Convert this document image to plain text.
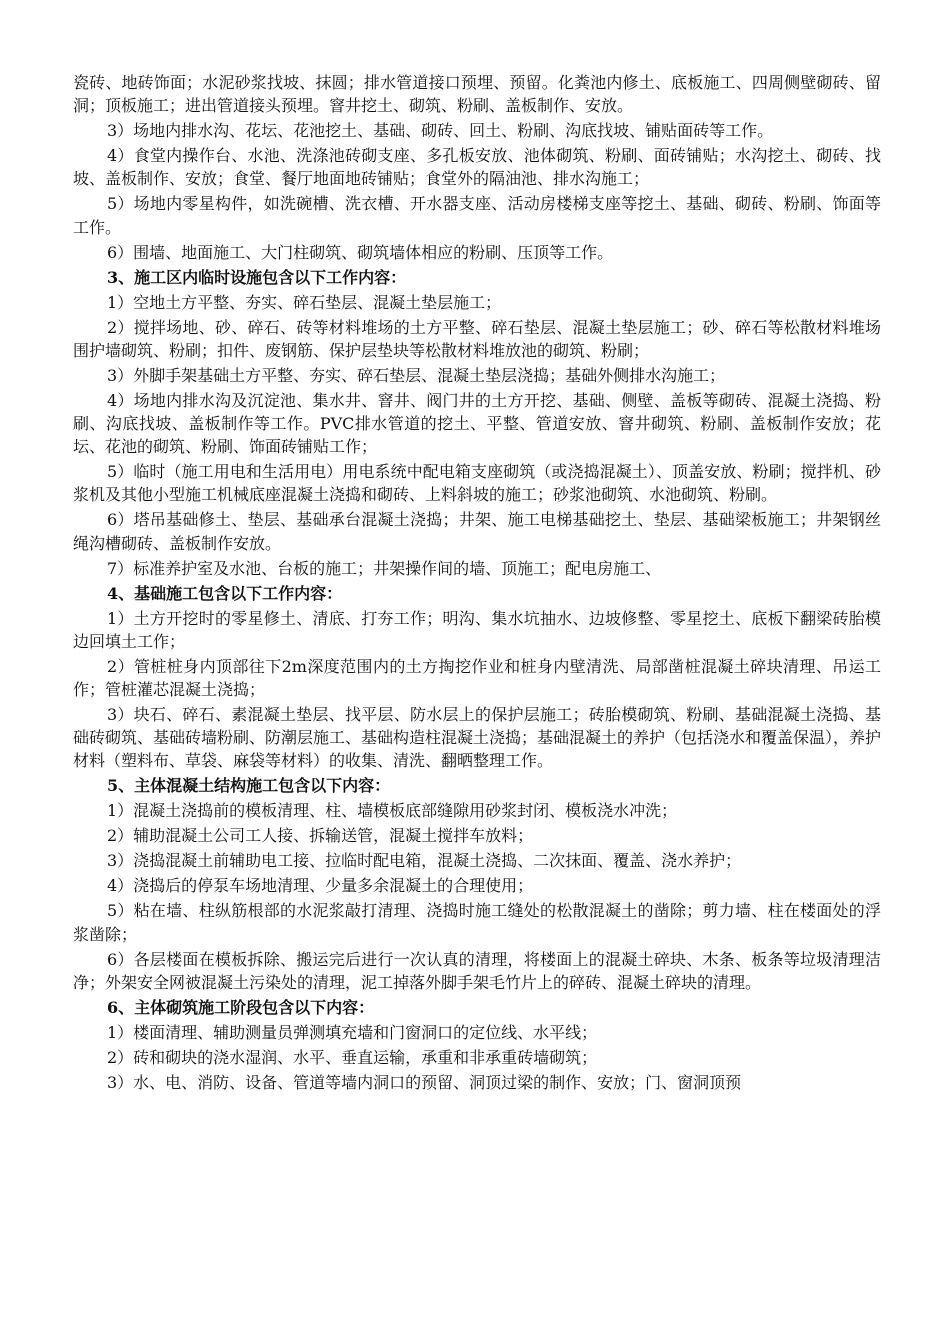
瓷砖、地砖饰面；水泥砂浆找坡、抹圆；排水管道接口预埋、预留。化粪池内修土、底板施工、四周侧壁砌砖、留洞；顶板施工；进出管道接头预埋。窨井挖土、砌筑、粉刷、盖板制作、安放。

3）场地内排水沟、花坛、花池挖土、基础、砌砖、回土、粉刷、沟底找坡、铺贴面砖等工作。

4）食堂内操作台、水池、洗涤池砖砌支座、多孔板安放、池体砌筑、粉刷、面砖铺贴；水沟挖土、砌砖、找坡、盖板制作、安放；食堂、餐厅地面地砖铺贴；食堂外的隔油池、排水沟施工；

5）场地内零星构件，如洗碗槽、洗衣槽、开水器支座、活动房楼梯支座等挖土、基础、砌砖、粉刷、饰面等工作。

6）围墙、地面施工、大门柱砌筑、砌筑墙体相应的粉刷、压顶等工作。

3、施工区内临时设施包含以下工作内容：

1）空地土方平整、夯实、碎石垫层、混凝土垫层施工；

2）搅拌场地、砂、碎石、砖等材料堆场的土方平整、碎石垫层、混凝土垫层施工；砂、碎石等松散材料堆场围护墙砌筑、粉刷；扣件、废钢筋、保护层垫块等松散材料堆放池的砌筑、粉刷；

3）外脚手架基础土方平整、夯实、碎石垫层、混凝土垫层浇捣；基础外侧排水沟施工；

4）场地内排水沟及沉淀池、集水井、窨井、阀门井的土方开挖、基础、侧壁、盖板等砌砖、混凝土浇捣、粉刷、沟底找坡、盖板制作等工作。PVC排水管道的挖土、平整、管道安放、窨井砌筑、粉刷、盖板制作安放；花坛、花池的砌筑、粉刷、饰面砖铺贴工作；

5）临时（施工用电和生活用电）用电系统中配电箱支座砌筑（或浇捣混凝土）、顶盖安放、粉刷；搅拌机、砂浆机及其他小型施工机械底座混凝土浇捣和砌砖、上料斜坡的施工；砂浆池砌筑、水池砌筑、粉刷。

6）塔吊基础修土、垫层、基础承台混凝土浇捣；井架、施工电梯基础挖土、垫层、基础梁板施工；井架钢丝绳沟槽砌砖、盖板制作安放。

7）标准养护室及水池、台板的施工；井架操作间的墙、顶施工；配电房施工、

4、基础施工包含以下工作内容：

1）土方开挖时的零星修土、清底、打夯工作；明沟、集水坑抽水、边坡修整、零星挖土、底板下翻梁砖胎模边回填土工作；

2）管桩桩身内顶部往下2m深度范围内的土方掏挖作业和桩身内壁清洗、局部凿桩混凝土碎块清理、吊运工作；管桩灌芯混凝土浇捣；

3）块石、碎石、素混凝土垫层、找平层、防水层上的保护层施工；砖胎模砌筑、粉刷、基础混凝土浇捣、基础砖砌筑、基础砖墙粉刷、防潮层施工、基础构造柱混凝土浇捣；基础混凝土的养护（包括浇水和覆盖保温），养护材料（塑料布、草袋、麻袋等材料）的收集、清洗、翻晒整理工作。

5、主体混凝土结构施工包含以下内容：

1）混凝土浇捣前的模板清理、柱、墙模板底部缝隙用砂浆封闭、模板浇水冲洗；

2）辅助混凝土公司工人接、拆输送管，混凝土搅拌车放料；

3）浇捣混凝土前辅助电工接、拉临时配电箱，混凝土浇捣、二次抹面、覆盖、浇水养护；

4）浇捣后的停泵车场地清理、少量多余混凝土的合理使用；

5）粘在墙、柱纵筋根部的水泥浆敲打清理、浇捣时施工缝处的松散混凝土的凿除；剪力墙、柱在楼面处的浮浆凿除；

6）各层楼面在模板拆除、搬运完后进行一次认真的清理，将楼面上的混凝土碎块、木条、板条等垃圾清理洁净；外架安全网被混凝土污染处的清理，泥工掉落外脚手架毛竹片上的碎砖、混凝土碎块的清理。

6、主体砌筑施工阶段包含以下内容：

1）楼面清理、辅助测量员弹测填充墙和门窗洞口的定位线、水平线；

2）砖和砌块的浇水湿润、水平、垂直运输，承重和非承重砖墙砌筑；

3）水、电、消防、设备、管道等墙内洞口的预留、洞顶过梁的制作、安放；门、窗洞顶预
